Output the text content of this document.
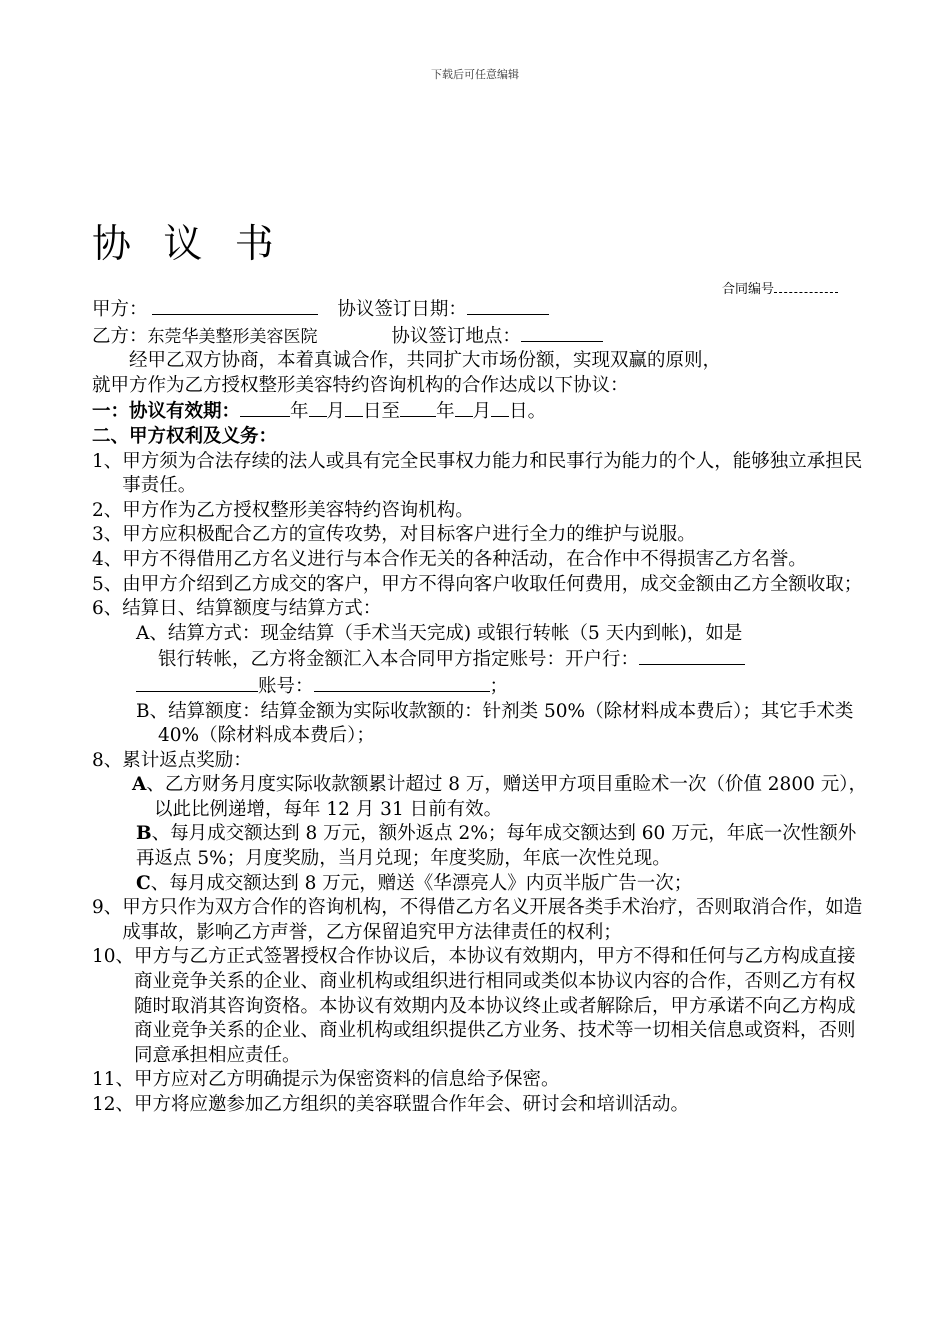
下载后可任意编辑
协 议 书
合同编号

甲方：	协议签订日期：

乙方：东莞华美整形美容医院	协议签订地点：

经甲乙双方协商，本着真诚合作，共同扩大市场份额，实现双赢的原则，

就甲方作为乙方授权整形美容特约咨询机构的合作达成以下协议：

一：协议有效期：	年 月 日至 年 月 日。

二、甲方权利及义务：

1、 甲方须为合法存续的法人或具有完全民事权力能力和民事行为能力的个人，能够独立承担民事责任。
2、 甲方作为乙方授权整形美容特约咨询机构。
3、 甲方应积极配合乙方的宣传攻势，对目标客户进行全力的维护与说服。
4、 甲方不得借用乙方名义进行与本合作无关的各种活动，在合作中不得损害乙方名誉。
5、 由甲方介绍到乙方成交的客户，甲方不得向客户收取任何费用，成交金额由乙方全额收取；
6、 结算日、结算额度与结算方式：

A、结算方式：现金结算（手术当天完成) 或银行转帐（5 天内到帐)，如是

银行转帐，乙方将金额汇入本合同甲方指定账号：开户行：

账号：	；

B、结算额度：结算金额为实际收款额的：针剂类 50%（除材料成本费后）；其它手术类 40%（除材料成本费后）；

8、 累计返点奖励：

A、乙方财务月度实际收款额累计超过 8 万，赠送甲方项目重睑术一次（价值 2800 元），以此比例递增，每年 12 月 31 日前有效。

B、每月成交额达到 8 万元，额外返点 2%；每年成交额达到 60 万元，年底一次性额外再返点 5%；月度奖励，当月兑现；年度奖励，年底一次性兑现。

C、每月成交额达到 8 万元，赠送《华漂亮人》内页半版广告一次；

9、 甲方只作为双方合作的咨询机构，不得借乙方名义开展各类手术治疗，否则取消合作，如造成事故，影响乙方声誉，乙方保留追究甲方法律责任的权利；
10、 甲方与乙方正式签署授权合作协议后，本协议有效期内，甲方不得和任何与乙方构成直接商业竞争关系的企业、商业机构或组织进行相同或类似本协议内容的合作，否则乙方有权随时取消其咨询资格。本协议有效期内及本协议终止或者解除后，甲方承诺不向乙方构成商业竞争关系的企业、商业机构或组织提供乙方业务、技术等一切相关信息或资料，否则同意承担相应责任。
11、 甲方应对乙方明确提示为保密资料的信息给予保密。
12、 甲方将应邀参加乙方组织的美容联盟合作年会、研讨会和培训活动。
